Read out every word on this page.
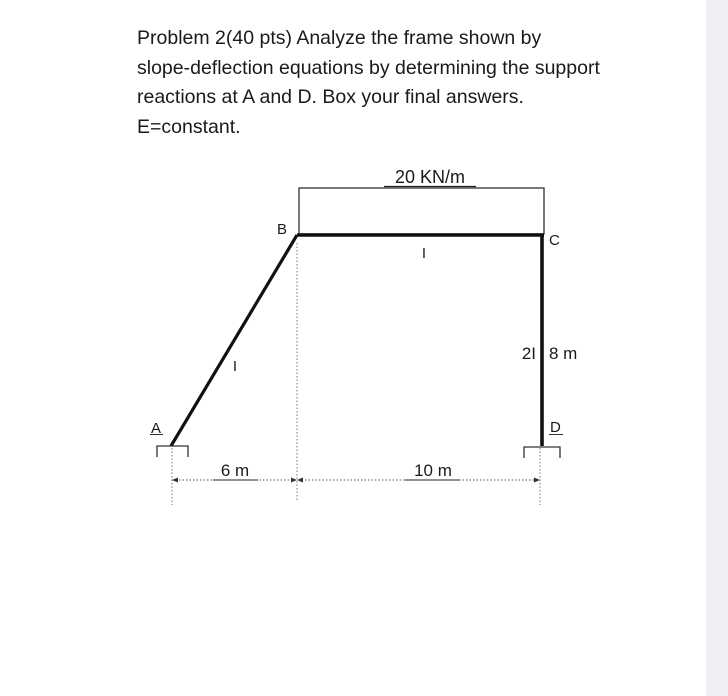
Problem 2(40 pts) Analyze the frame shown by
slope-deflection equations by determining the support
reactions at A and D. Box your final answers.
E=constant.
20 KN/m
A
B
C
D
I
I
2I 8 m
6 m	10 m
